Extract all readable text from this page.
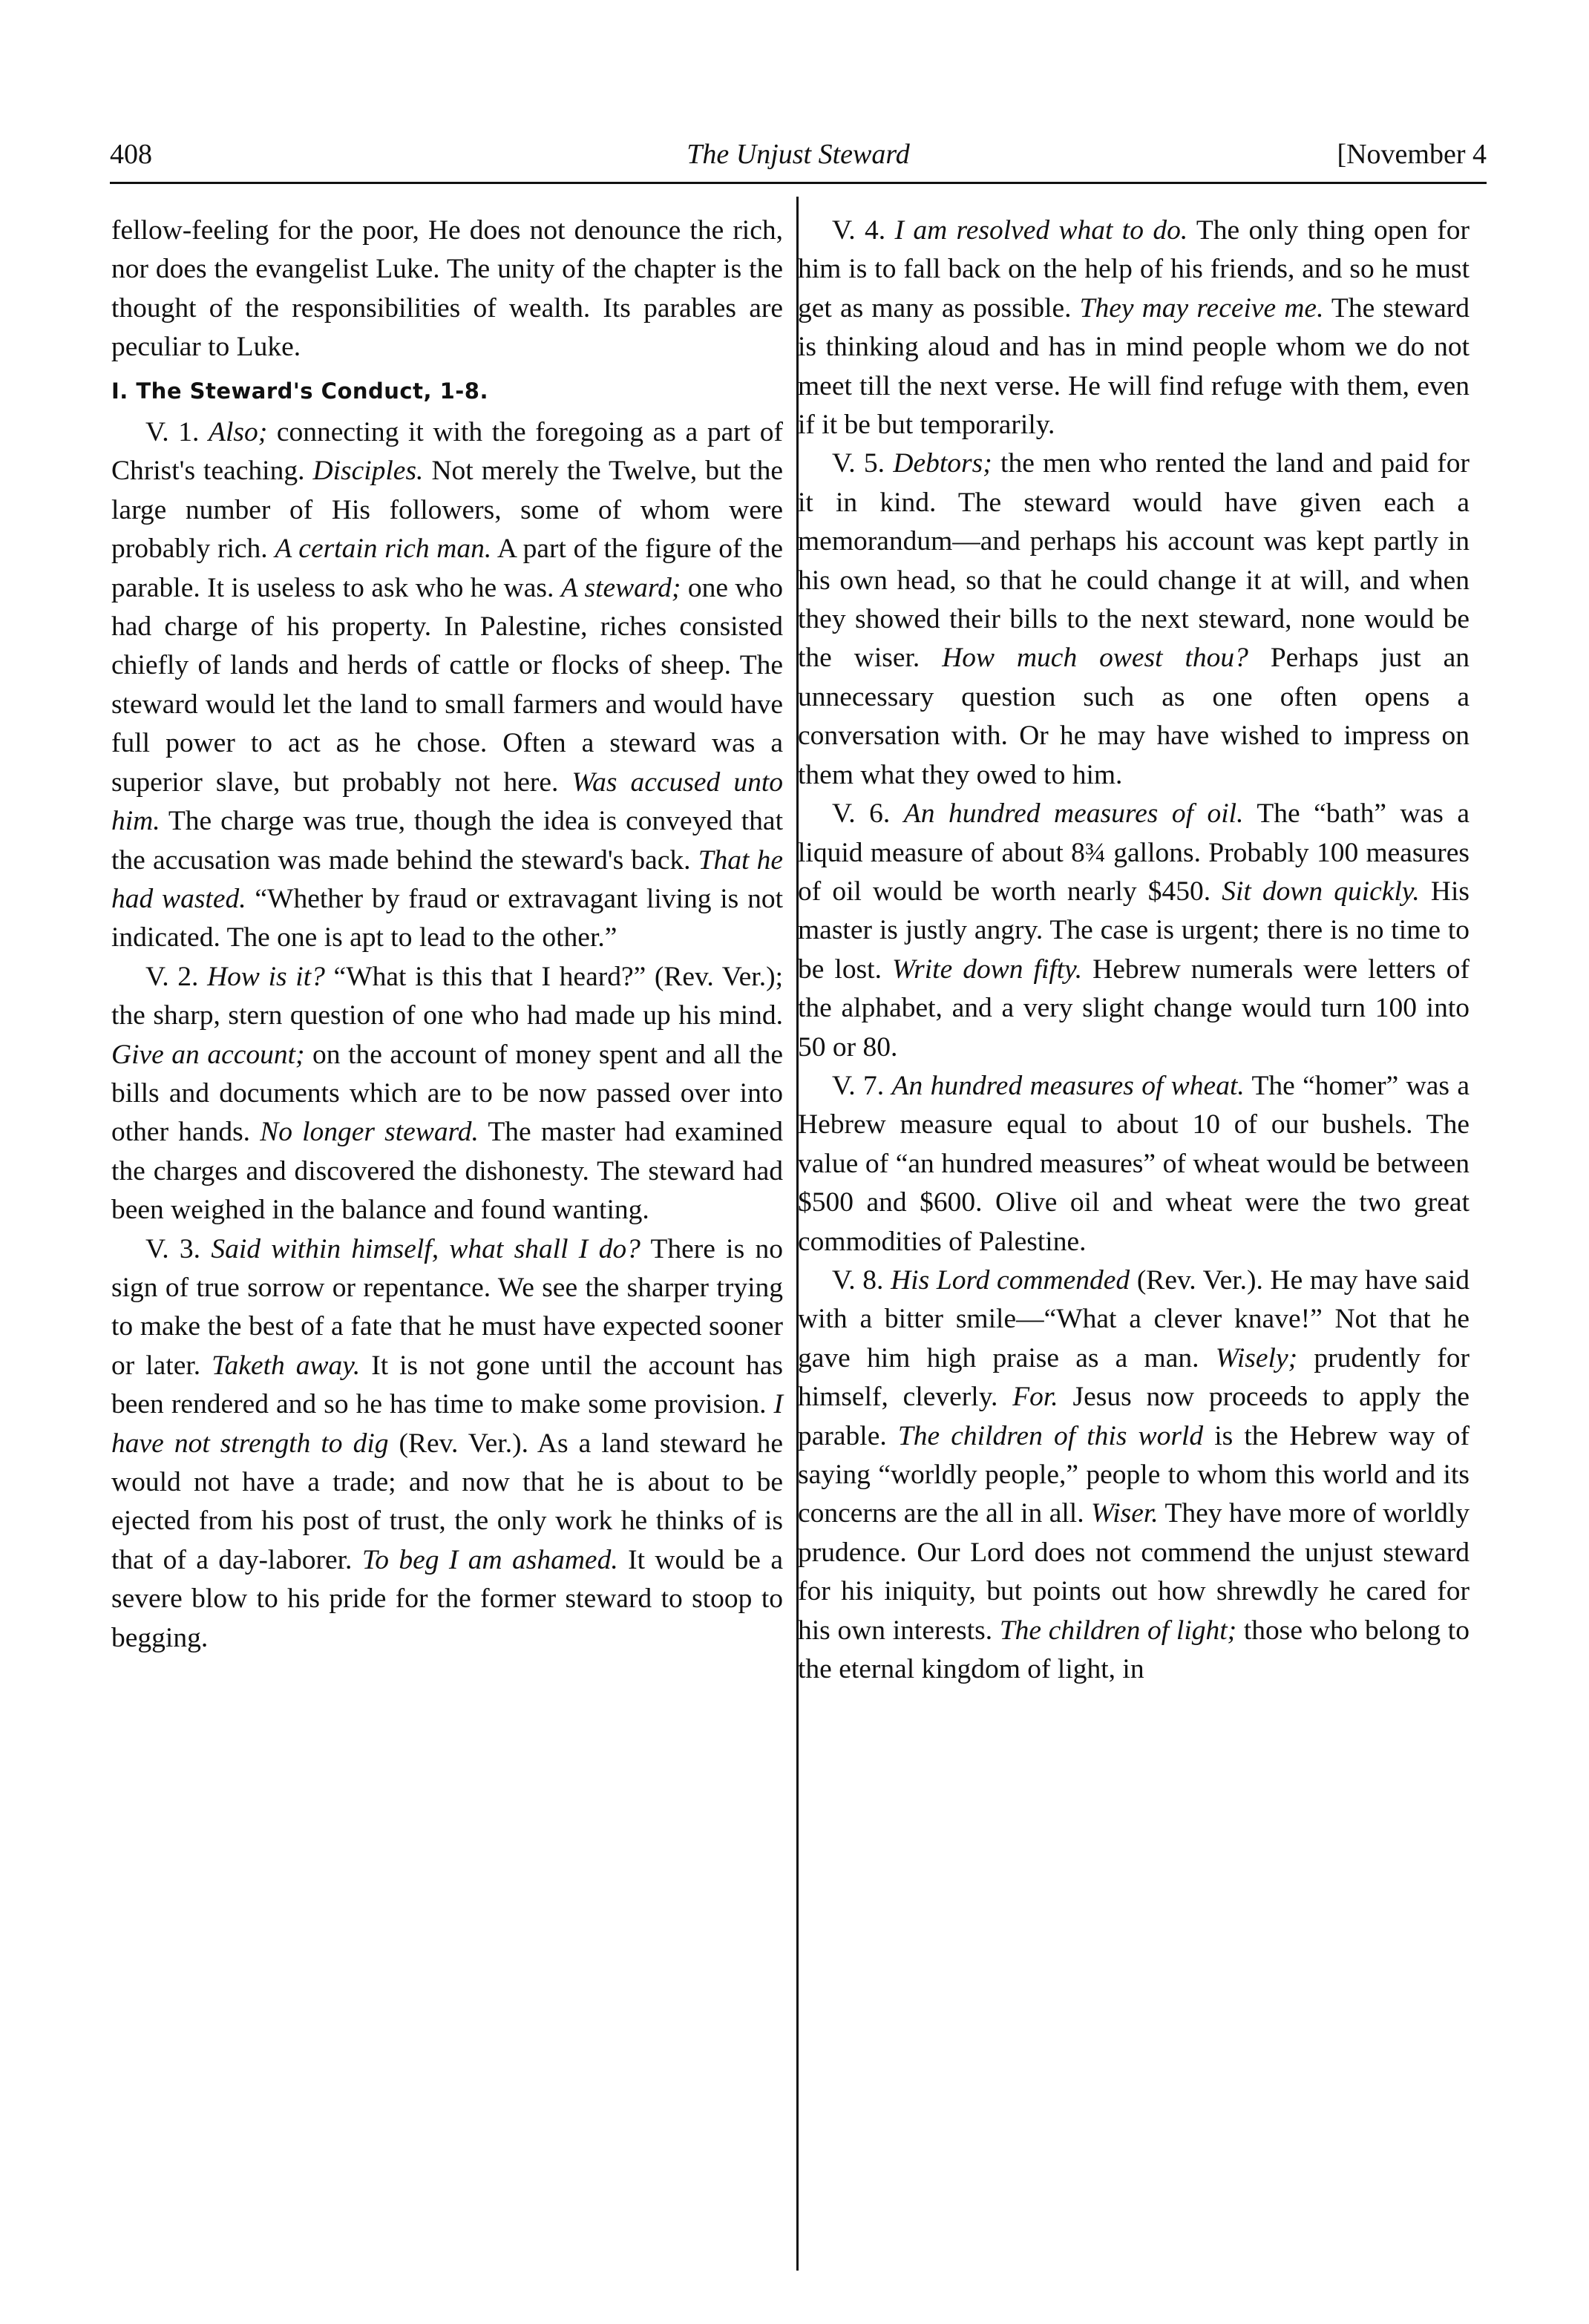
408	The Unjust Steward	[November 4

fellow-feeling for the poor, He does not denounce the rich, nor does the evangelist Luke. The unity of the chapter is the thought of the responsibilities of wealth. Its parables are peculiar to Luke.

I. The Steward's Conduct, 1-8.

V. 1. Also; connecting it with the foregoing as a part of Christ's teaching. Disciples. Not merely the Twelve, but the large number of His followers, some of whom were probably rich. A certain rich man. A part of the figure of the parable. It is useless to ask who he was. A steward; one who had charge of his property. In Palestine, riches consisted chiefly of lands and herds of cattle or flocks of sheep. The steward would let the land to small farmers and would have full power to act as he chose. Often a steward was a superior slave, but probably not here. Was accused unto him. The charge was true, though the idea is conveyed that the accusation was made behind the steward's back. That he had wasted. “Whether by fraud or extravagant living is not indicated. The one is apt to lead to the other.”

V. 2. How is it? “What is this that I heard?” (Rev. Ver.); the sharp, stern question of one who had made up his mind. Give an account; on the account of money spent and all the bills and documents which are to be now passed over into other hands. No longer steward. The master had examined the charges and discovered the dishonesty. The steward had been weighed in the balance and found wanting.

V. 3. Said within himself, what shall I do? There is no sign of true sorrow or repentance. We see the sharper trying to make the best of a fate that he must have expected sooner or later. Taketh away. It is not gone until the account has been rendered and so he has time to make some provision. I have not strength to dig (Rev. Ver.). As a land steward he would not have a trade; and now that he is about to be ejected from his post of trust, the only work he thinks of is that of a day-laborer. To beg I am ashamed. It would be a severe blow to his pride for the former steward to stoop to begging.

V. 4. I am resolved what to do. The only thing open for him is to fall back on the help of his friends, and so he must get as many as possible. They may receive me. The steward is thinking aloud and has in mind people whom we do not meet till the next verse. He will find refuge with them, even if it be but temporarily.

V. 5. Debtors; the men who rented the land and paid for it in kind. The steward would have given each a memorandum—and perhaps his account was kept partly in his own head, so that he could change it at will, and when they showed their bills to the next steward, none would be the wiser. How much owest thou? Perhaps just an unnecessary question such as one often opens a conversation with. Or he may have wished to impress on them what they owed to him.

V. 6. An hundred measures of oil. The “bath” was a liquid measure of about 8¾ gallons. Probably 100 measures of oil would be worth nearly $450. Sit down quickly. His master is justly angry. The case is urgent; there is no time to be lost. Write down fifty. Hebrew numerals were letters of the alphabet, and a very slight change would turn 100 into 50 or 80.

V. 7. An hundred measures of wheat. The “homer” was a Hebrew measure equal to about 10 of our bushels. The value of “an hundred measures” of wheat would be between $500 and $600. Olive oil and wheat were the two great commodities of Palestine.

V. 8. His Lord commended (Rev. Ver.). He may have said with a bitter smile—“What a clever knave!” Not that he gave him high praise as a man. Wisely; prudently for himself, cleverly. For. Jesus now proceeds to apply the parable. The children of this world is the Hebrew way of saying “worldly people,” people to whom this world and its concerns are the all in all. Wiser. They have more of worldly prudence. Our Lord does not commend the unjust steward for his iniquity, but points out how shrewdly he cared for his own interests. The children of light; those who belong to the eternal kingdom of light, in
